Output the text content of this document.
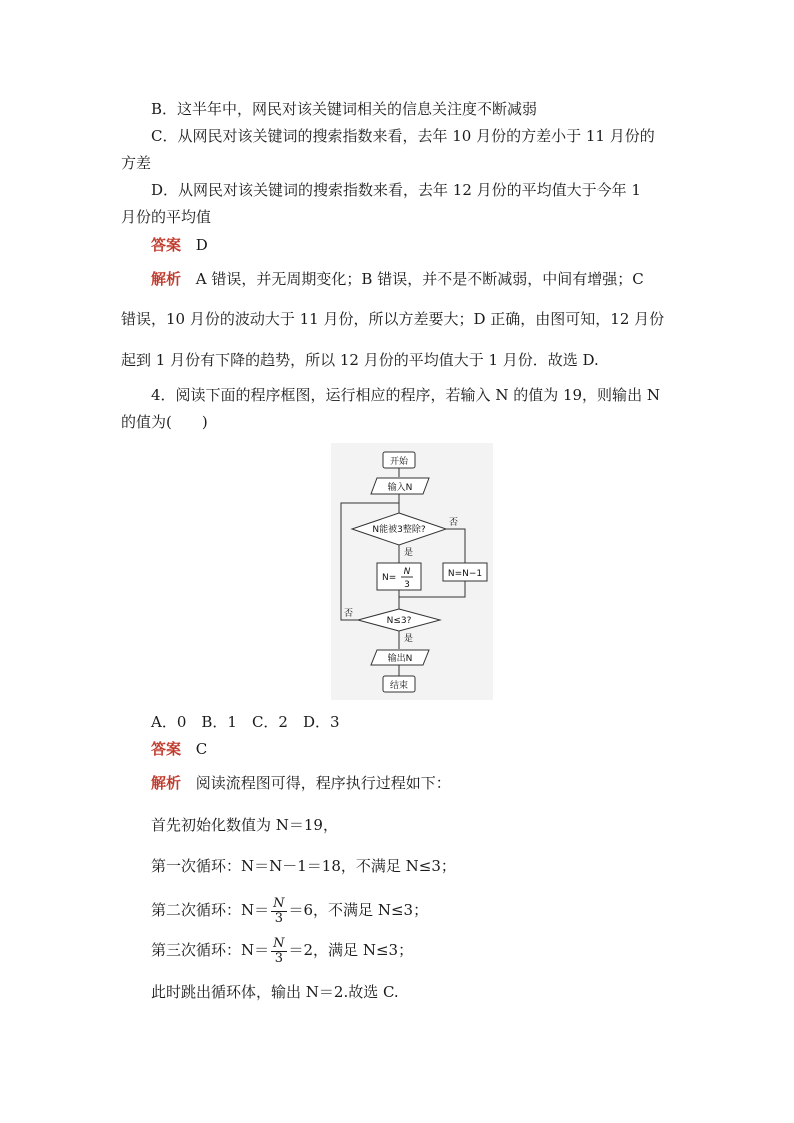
B．这半年中，网民对该关键词相关的信息关注度不断减弱
C．从网民对该关键词的搜索指数来看，去年 10 月份的方差小于 11 月份的
方差
D．从网民对该关键词的搜索指数来看，去年 12 月份的平均值大于今年 1
月份的平均值
答案 D
解析 A 错误，并无周期变化；B 错误，并不是不断减弱，中间有增强；C
错误，10 月份的波动大于 11 月份，所以方差要大；D 正确，由图可知，12 月份
起到 1 月份有下降的趋势，所以 12 月份的平均值大于 1 月份．故选 D.
4．阅读下面的程序框图，运行相应的程序，若输入 N 的值为 19，则输出 N
的值为(　　)
开始
输入N
N能被3整除?
是
否
N=
N
3
N=N−1
N≤3?
否
是
输出N
结束
A．0　B．1　C．2　D．3
答案 C
解析 阅读流程图可得，程序执行过程如下：
首先初始化数值为 N＝19，
第一次循环：N＝N－1＝18，不满足 N≤3；
第二次循环：$N= \frac{N}{3} =6$，不满足 N≤3；
第三次循环：$N= \frac{N}{3} =2$，满足 N≤3；
此时跳出循环体，输出 N＝2.故选 C.
